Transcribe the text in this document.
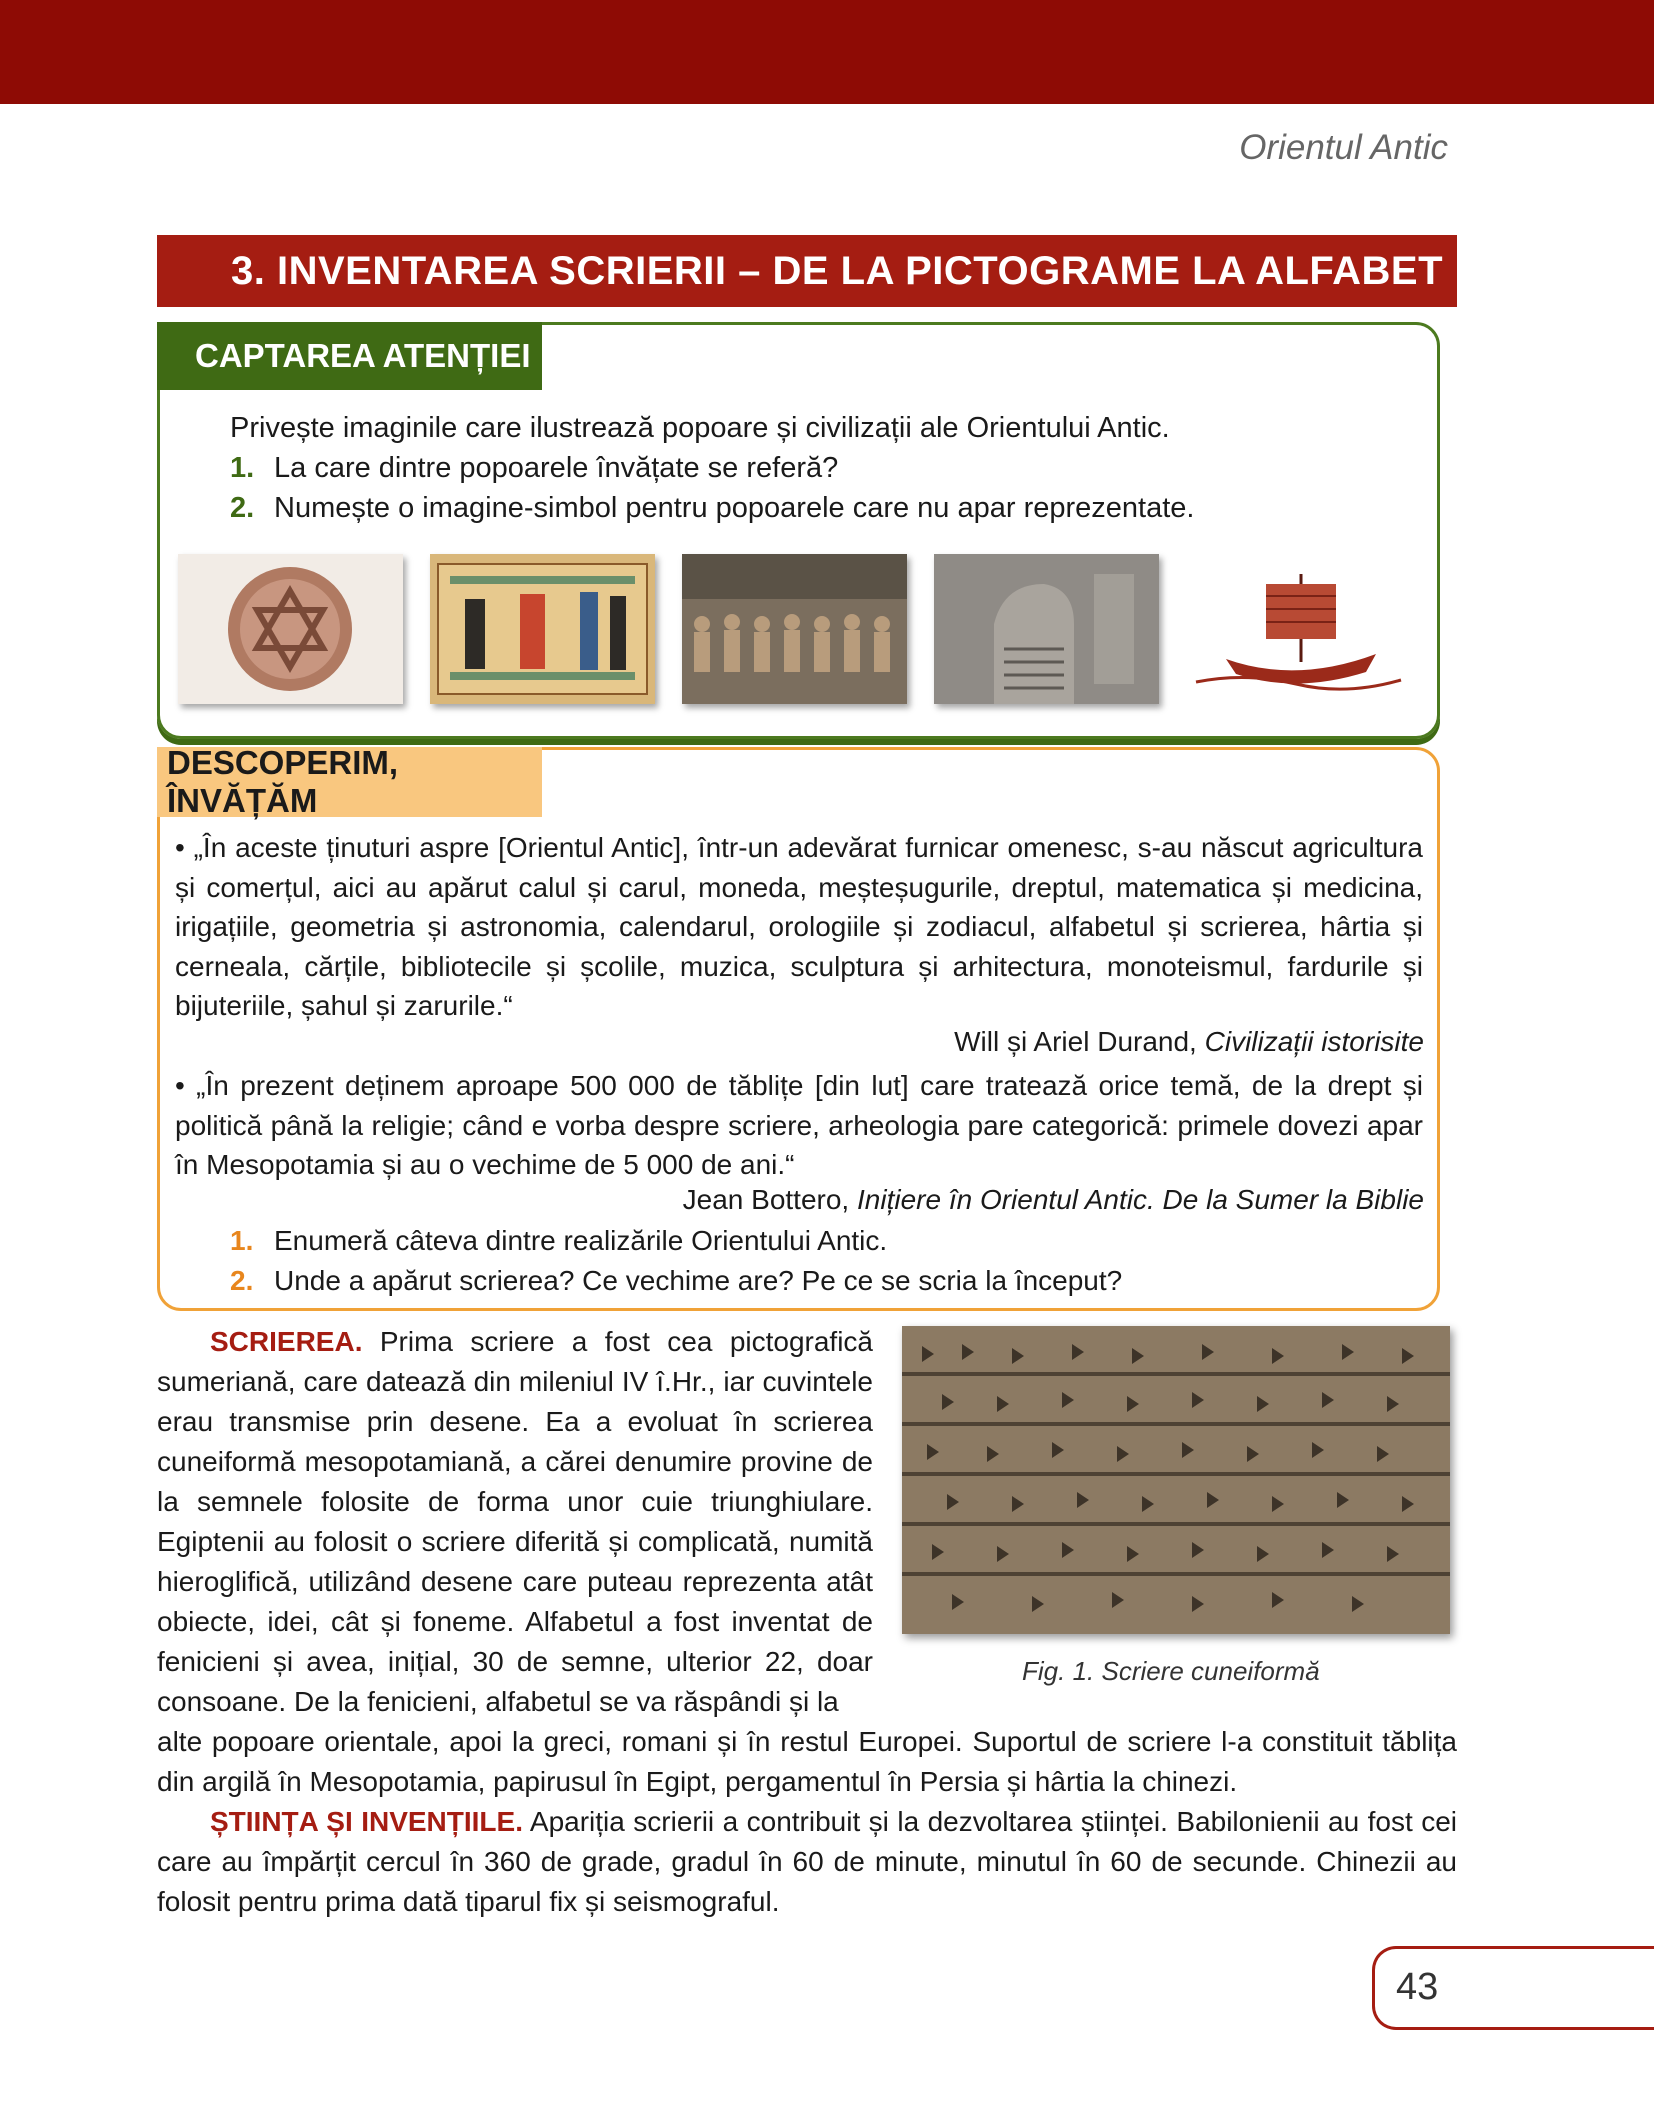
Orientul Antic
3. INVENTAREA SCRIERII – DE LA PICTOGRAME LA ALFABET
CAPTAREA ATENȚIEI
Privește imaginile care ilustrează popoare și civilizații ale Orientului Antic.
1. La care dintre popoarele învățate se referă?
2. Numește o imagine-simbol pentru popoarele care nu apar reprezentate.
DESCOPERIM, ÎNVĂȚĂM
• „În aceste ținuturi aspre [Orientul Antic], într-un adevărat furnicar omenesc, s-au născut agricultura și comerțul, aici au apărut calul și carul, moneda, meșteșugurile, dreptul, matematica și medicina, irigațiile, geometria și astronomia, calendarul, orologiile și zodiacul, alfabetul și scrierea, hârtia și cerneala, cărțile, bibliotecile și școlile, muzica, sculptura și arhitectura, monoteismul, fardurile și bijuteriile, șahul și zarurile.“
Will și Ariel Durand, Civilizații istorisite
• „În prezent deținem aproape 500 000 de tăblițe [din lut] care tratează orice temă, de la drept și politică până la religie; când e vorba despre scriere, arheologia pare categorică: primele dovezi apar în Mesopotamia și au o vechime de 5 000 de ani.“
Jean Bottero, Inițiere în Orientul Antic. De la Sumer la Biblie
1. Enumeră câteva dintre realizările Orientului Antic.
2. Unde a apărut scrierea? Ce vechime are? Pe ce se scria la început?
SCRIEREA. Prima scriere a fost cea pictografică sumeriană, care datează din mileniul IV î.Hr., iar cuvintele erau transmise prin desene. Ea a evoluat în scrierea cuneiformă mesopotamiană, a cărei denumire provine de la semnele folosite de forma unor cuie triunghiulare. Egiptenii au folosit o scriere diferită și complicată, numită hieroglifică, utilizând desene care puteau reprezenta atât obiecte, idei, cât și foneme. Alfabetul a fost inventat de fenicieni și avea, inițial, 30 de semne, ulterior 22, doar consoane. De la fenicieni, alfabetul se va răspândi și la
Fig. 1. Scriere cuneiformă
alte popoare orientale, apoi la greci, romani și în restul Europei. Suportul de scriere l-a constituit tăblița din argilă în Mesopotamia, papirusul în Egipt, pergamentul în Persia și hârtia la chinezi.
ȘTIINȚA ȘI INVENȚIILE. Apariția scrierii a contribuit și la dezvoltarea științei. Babilonienii au fost cei care au împărțit cercul în 360 de grade, gradul în 60 de minute, minutul în 60 de secunde. Chinezii au folosit pentru prima dată tiparul fix și seismograful.
43
